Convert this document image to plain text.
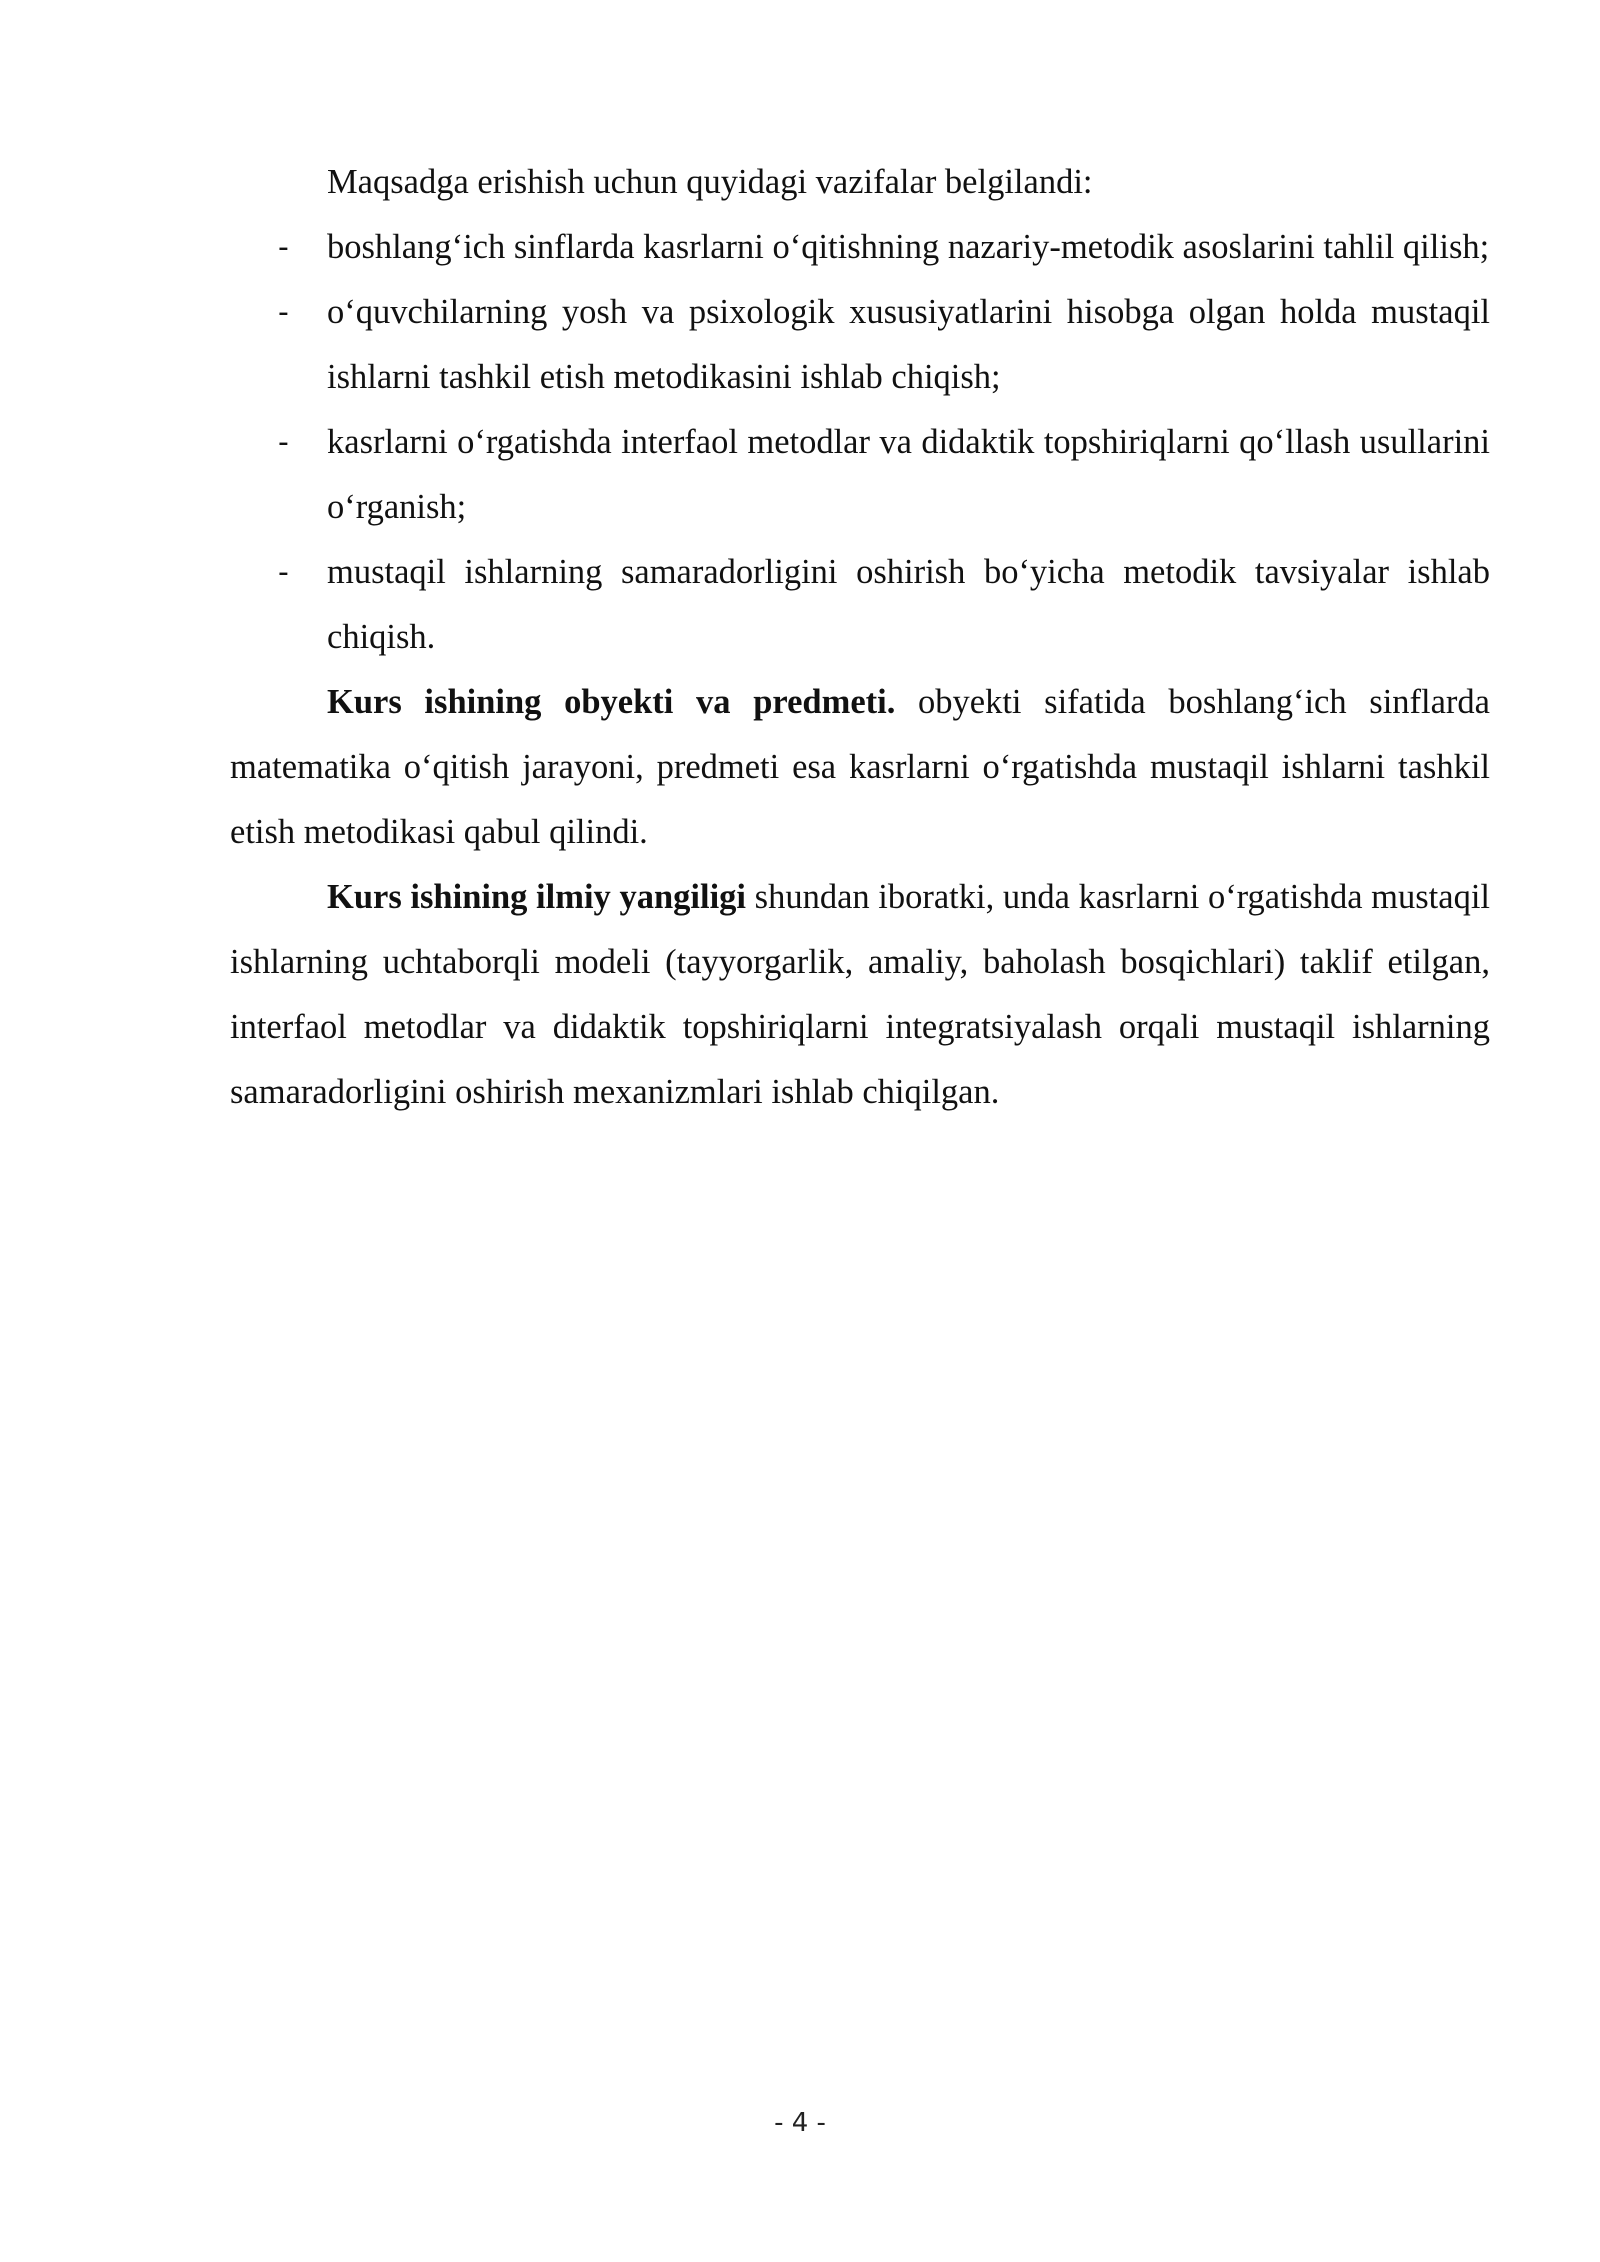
Maqsadga erishish uchun quyidagi vazifalar belgilandi:

- boshlang‘ich sinflarda kasrlarni o‘qitishning nazariy-metodik asoslarini tahlil qilish;
- o‘quvchilarning yosh va psixologik xususiyatlarini hisobga olgan holda mustaqil ishlarni tashkil etish metodikasini ishlab chiqish;
- kasrlarni o‘rgatishda interfaol metodlar va didaktik topshiriqlarni qo‘llash usullarini o‘rganish;
- mustaqil ishlarning samaradorligini oshirish bo‘yicha metodik tavsiyalar ishlab chiqish.

Kurs ishining obyekti va predmeti. obyekti sifatida boshlang‘ich sinflarda matematika o‘qitish jarayoni, predmeti esa kasrlarni o‘rgatishda mustaqil ishlarni tashkil etish metodikasi qabul qilindi.

Kurs ishining ilmiy yangiligi shundan iboratki, unda kasrlarni o‘rgatishda mustaqil ishlarning uchtaborqli modeli (tayyorgarlik, amaliy, baholash bosqichlari) taklif etilgan, interfaol metodlar va didaktik topshiriqlarni integratsiyalash orqali mustaqil ishlarning samaradorligini oshirish mexanizmlari ishlab chiqilgan.

- 4 -
